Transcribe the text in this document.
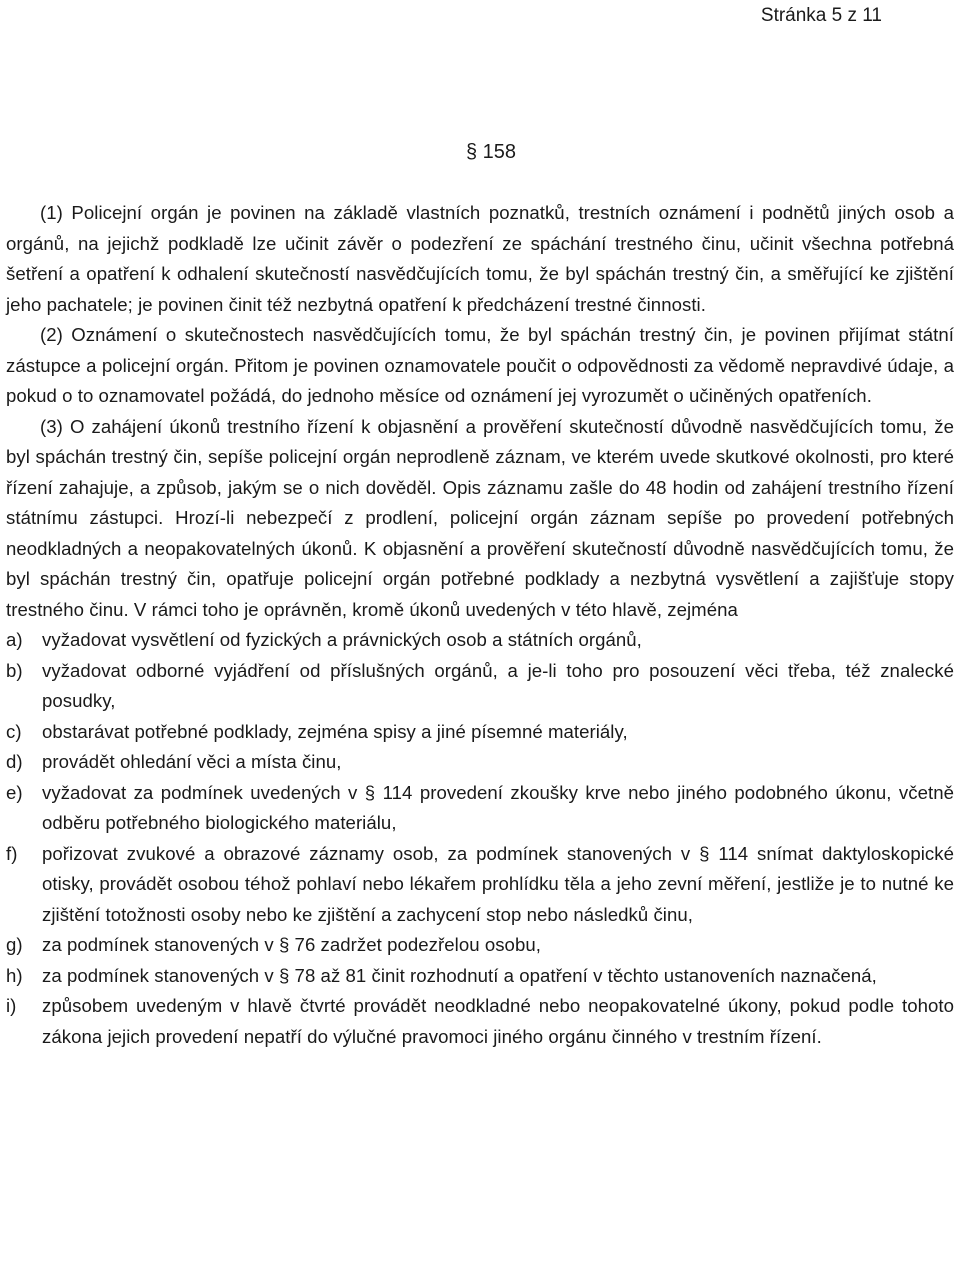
Stránka 5 z 11
§ 158

(1) Policejní orgán je povinen na základě vlastních poznatků, trestních oznámení i podnětů jiných osob a orgánů, na jejichž podkladě lze učinit závěr o podezření ze spáchání trestného činu, učinit všechna potřebná šetření a opatření k odhalení skutečností nasvědčujících tomu, že byl spáchán trestný čin, a směřující ke zjištění jeho pachatele; je povinen činit též nezbytná opatření k předcházení trestné činnosti.

(2) Oznámení o skutečnostech nasvědčujících tomu, že byl spáchán trestný čin, je povinen přijímat státní zástupce a policejní orgán. Přitom je povinen oznamovatele poučit o odpovědnosti za vědomě nepravdivé údaje, a pokud o to oznamovatel požádá, do jednoho měsíce od oznámení jej vyrozumět o učiněných opatřeních.

(3) O zahájení úkonů trestního řízení k objasnění a prověření skutečností důvodně nasvědčujících tomu, že byl spáchán trestný čin, sepíše policejní orgán neprodleně záznam, ve kterém uvede skutkové okolnosti, pro které řízení zahajuje, a způsob, jakým se o nich dověděl. Opis záznamu zašle do 48 hodin od zahájení trestního řízení státnímu zástupci. Hrozí-li nebezpečí z prodlení, policejní orgán záznam sepíše po provedení potřebných neodkladných a neopakovatelných úkonů. K objasnění a prověření skutečností důvodně nasvědčujících tomu, že byl spáchán trestný čin, opatřuje policejní orgán potřebné podklady a nezbytná vysvětlení a zajišťuje stopy trestného činu. V rámci toho je oprávněn, kromě úkonů uvedených v této hlavě, zejména

a) vyžadovat vysvětlení od fyzických a právnických osob a státních orgánů,
b) vyžadovat odborné vyjádření od příslušných orgánů, a je-li toho pro posouzení věci třeba, též znalecké posudky,
c) obstarávat potřebné podklady, zejména spisy a jiné písemné materiály,
d) provádět ohledání věci a místa činu,
e) vyžadovat za podmínek uvedených v § 114 provedení zkoušky krve nebo jiného podobného úkonu, včetně odběru potřebného biologického materiálu,
f) pořizovat zvukové a obrazové záznamy osob, za podmínek stanovených v § 114 snímat daktyloskopické otisky, provádět osobou téhož pohlaví nebo lékařem prohlídku těla a jeho zevní měření, jestliže je to nutné ke zjištění totožnosti osoby nebo ke zjištění a zachycení stop nebo následků činu,
g) za podmínek stanovených v § 76 zadržet podezřelou osobu,
h) za podmínek stanovených v § 78 až 81 činit rozhodnutí a opatření v těchto ustanoveních naznačená,
i) způsobem uvedeným v hlavě čtvrté provádět neodkladné nebo neopakovatelné úkony, pokud podle tohoto zákona jejich provedení nepatří do výlučné pravomoci jiného orgánu činného v trestním řízení.
